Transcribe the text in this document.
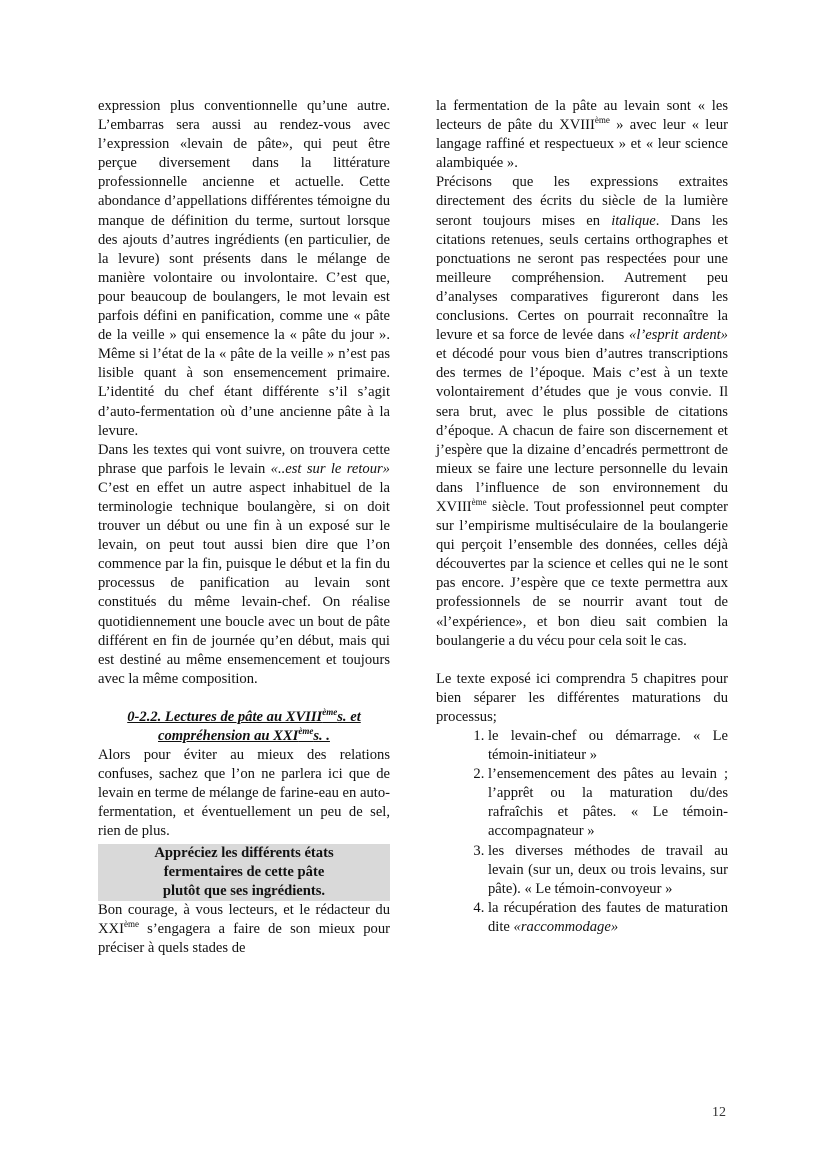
expression plus conventionnelle qu’une autre. L’embarras sera aussi au rendez-vous avec l’expression «levain de pâte», qui peut être perçue diversement dans la littérature professionnelle ancienne et actuelle. Cette abondance d’appellations différentes témoigne du manque de définition du terme, surtout lorsque des ajouts d’autres ingrédients (en particulier, de la levure) sont présents dans le mélange de manière volontaire ou involontaire. C’est que, pour beaucoup de boulangers, le mot levain est parfois défini en panification, comme une « pâte de la veille » qui ensemence la « pâte du jour ». Même si l’état de la « pâte de la veille » n’est pas lisible quant à son ensemencement primaire. L’identité du chef étant différente s’il s’agit d’auto-fermentation où d’une ancienne pâte à la levure.

Dans les textes qui vont suivre, on trouvera cette phrase que parfois le levain «..est sur le retour» C’est en effet un autre aspect inhabituel de la terminologie technique boulangère, si on doit trouver un début ou une fin à un exposé sur le levain, on peut tout aussi bien dire que l’on commence par la fin, puisque le début et la fin du processus de panification au levain sont constitués du même levain-chef. On réalise quotidiennement une boucle avec un bout de pâte différent en fin de journée qu’en début, mais qui est destiné au même ensemencement et toujours avec la même composition.

0-2.2. Lectures de pâte au XVIIIèmes. et compréhension au XXIèmes. .

Alors pour éviter au mieux des relations confuses, sachez que l’on ne parlera ici que de levain en terme de mélange de farine-eau en auto-fermentation, et éventuellement un peu de sel, rien de plus.

Appréciez les différents états
fermentaires de cette pâte
plutôt que ses ingrédients.

Bon courage, à vous lecteurs, et le rédacteur du XXIème s’engagera a faire de son mieux pour préciser à quels stades de

la fermentation de la pâte au levain sont « les lecteurs de pâte du XVIIIème » avec leur « leur langage raffiné et respectueux » et « leur science alambiquée ».

Précisons que les expressions extraites directement des écrits du siècle de la lumière seront toujours mises en italique. Dans les citations retenues, seuls certains orthographes et ponctuations ne seront pas respectées pour une meilleure compréhension. Autrement peu d’analyses comparatives figureront dans les conclusions. Certes on pourrait reconnaître la levure et sa force de levée dans «l’esprit ardent» et décodé pour vous bien d’autres transcriptions des termes de l’époque. Mais c’est à un texte volontairement d’études que je vous convie. Il sera brut, avec le plus possible de citations d’époque. A chacun de faire son discernement et j’espère que la dizaine d’encadrés permettront de mieux se faire une lecture personnelle du levain dans l’influence de son environnement du XVIIIème siècle. Tout professionnel peut compter sur l’empirisme multiséculaire de la boulangerie qui perçoit l’ensemble des données, celles déjà découvertes par la science et celles qui ne le sont pas encore. J’espère que ce texte permettra aux professionnels de se nourrir avant tout de «l’expérience», et bon dieu sait combien la boulangerie a du vécu pour cela soit le cas.

Le texte exposé ici comprendra 5 chapitres pour bien séparer les différentes maturations du processus;

1. le levain-chef ou démarrage. « Le témoin-initiateur »
2. l’ensemencement des pâtes au levain ; l’apprêt ou la maturation du/des rafraîchis et pâtes. « Le témoin-accompagnateur »
3. les diverses méthodes de travail au levain (sur un, deux ou trois levains, sur pâte). « Le témoin-convoyeur »
4. la récupération des fautes de maturation dite «raccommodage»
12
